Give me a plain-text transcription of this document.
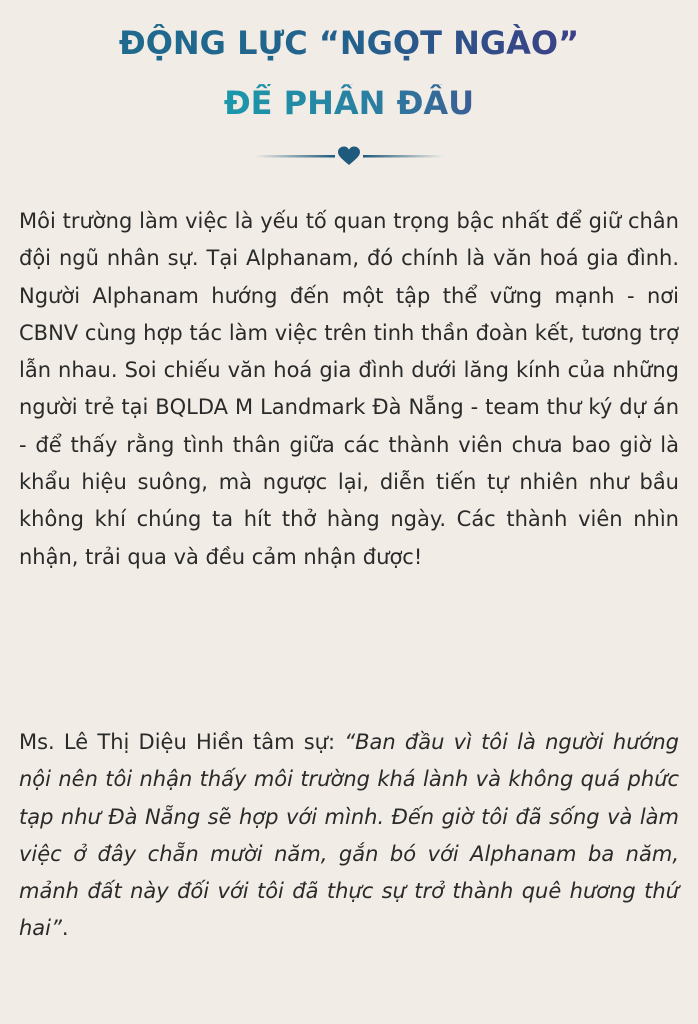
ĐỘNG LỰC “NGỌT NGÀO”
ĐỂ PHẤN ĐẤU

Môi trường làm việc là yếu tố quan trọng bậc nhất để giữ chân đội ngũ nhân sự. Tại Alphanam, đó chính là văn hoá gia đình. Người Alphanam hướng đến một tập thể vững mạnh - nơi CBNV cùng hợp tác làm việc trên tinh thần đoàn kết, tương trợ lẫn nhau. Soi chiếu văn hoá gia đình dưới lăng kính của những người trẻ tại BQLDA M Landmark Đà Nẵng - team thư ký dự án - để thấy rằng tình thân giữa các thành viên chưa bao giờ là khẩu hiệu suông, mà ngược lại, diễn tiến tự nhiên như bầu không khí chúng ta hít thở hàng ngày. Các thành viên nhìn nhận, trải qua và đều cảm nhận được!

Ms. Lê Thị Diệu Hiền tâm sự: “Ban đầu vì tôi là người hướng nội nên tôi nhận thấy môi trường khá lành và không quá phức tạp như Đà Nẵng sẽ hợp với mình. Đến giờ tôi đã sống và làm việc ở đây chẵn mười năm, gắn bó với Alphanam ba năm, mảnh đất này đối với tôi đã thực sự trở thành quê hương thứ hai”.
